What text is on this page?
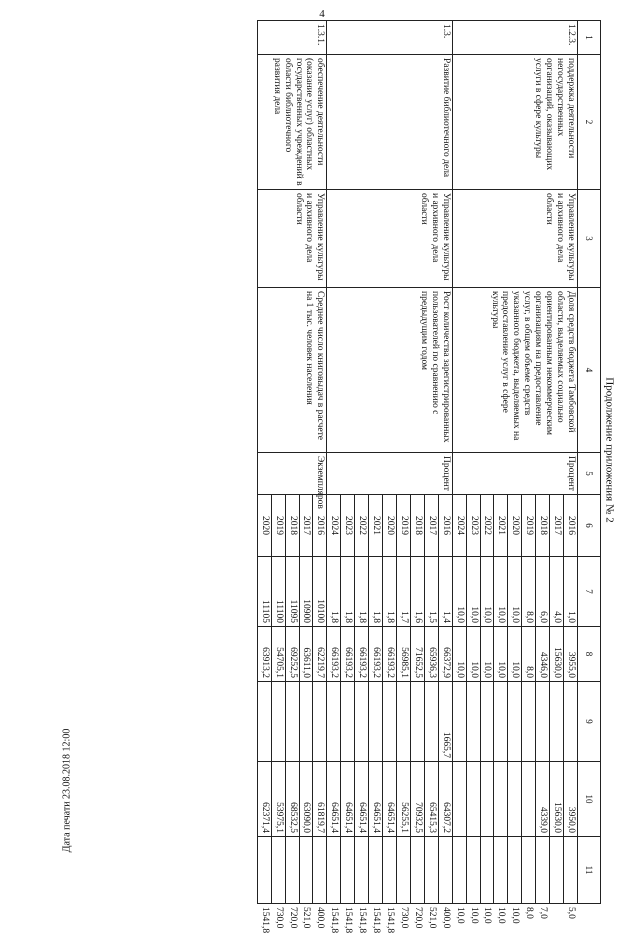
4
Продолжение приложения № 2
Дата печати 23.08.2018 12:00
1	2	3	4	5	6	7	8	9	10	11	
1.2.3.	поддержка деятельности негосударственных организаций, оказывающих услуги в сфере культуры	Управление культуры и архивного дела области	Доля средств бюджета Тамбовской области, выделяемых социально ориентированным некоммерческим организациям на предоставление услуг, в общем объеме средств указанного бюджета, выделяемых на предоставление услуг в сфере культуры	Процент	2016	1,0	3955,0		3950,0		5,0
					2017	4,0	15630,0		15630,0		
					2018	6,0	4346,0		4339,0		7,0
					2019	8,0	8,0				8,0
					2020	10,0	10,0				10,0
					2021	10,0	10,0				10,0
					2022	10,0	10,0				10,0
					2023	10,0	10,0				10,0
					2024	10,0	10,0				10,0
1.3.	Развитие библиотечного дела	Управление культуры и архивного дела области	Рост количества зарегистрированных пользователей по сравнению с предыдущим годом	Процент	2016	1,4	66372,9	1665,7	64307,2		400,0
					2017	1,5	65936,3		65415,3		521,0
					2018	1,6	71652,5		70932,5		720,0
					2019	1,7	56985,1		56255,1		730,0
					2020	1,8	66193,2		64651,4		1541,8
					2021	1,8	66193,2		64651,4		1541,8
					2022	1,8	66193,2		64651,4		1541,8
					2023	1,8	66193,2		64651,4		1541,8
					2024	1,8	66193,2		64651,4		1541,8
1.3.1.	обеспечение деятельности (оказание услуг) областных государственных учреждений в области библиотечного развития дела	Управление культуры и архивного дела области	Среднее число книговыдач в расчете на 1 тыс. человек населения	Экземпляров	2016	10100	62219,7		61819,7		400,0
					2017	10900	63611,0		63090,0		521,0
					2018	11095	69252,5		68532,5		720,0
					2019	11100	54705,1		53975,1		730,0
					2020	11105	63913,2		62371,4		1541,8
